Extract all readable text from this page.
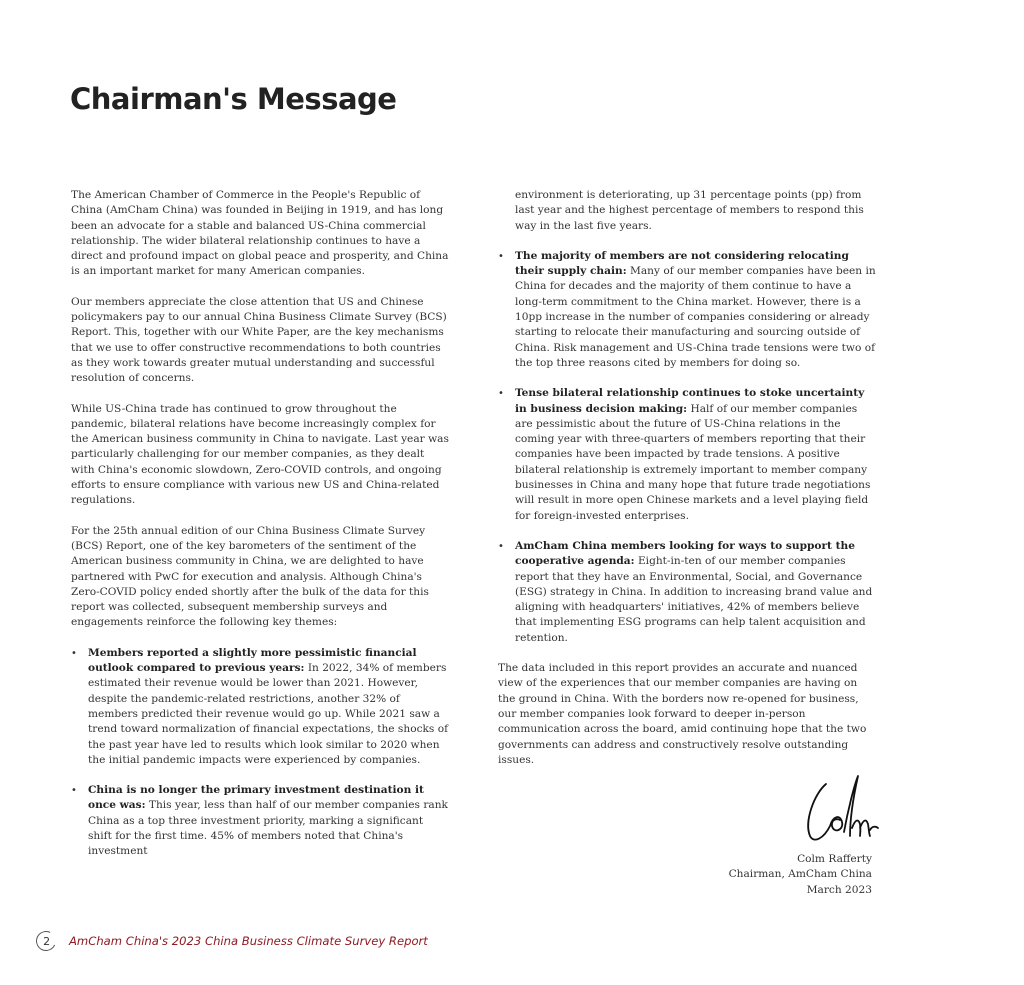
Chairman's Message

The American Chamber of Commerce in the People's Republic of China (AmCham China) was founded in Beijing in 1919, and has long been an advocate for a stable and balanced US-China commercial relationship. The wider bilateral relationship continues to have a direct and profound impact on global peace and prosperity, and China is an important market for many American companies.

Our members appreciate the close attention that US and Chinese policymakers pay to our annual China Business Climate Survey (BCS) Report. This, together with our White Paper, are the key mechanisms that we use to offer constructive recommendations to both countries as they work towards greater mutual understanding and successful resolution of concerns.

While US-China trade has continued to grow throughout the pandemic, bilateral relations have become increasingly complex for the American business community in China to navigate. Last year was particularly challenging for our member companies, as they dealt with China's economic slowdown, Zero-COVID controls, and ongoing efforts to ensure compliance with various new US and China-related regulations.

For the 25th annual edition of our China Business Climate Survey (BCS) Report, one of the key barometers of the sentiment of the American business community in China, we are delighted to have partnered with PwC for execution and analysis. Although China's Zero-COVID policy ended shortly after the bulk of the data for this report was collected, subsequent membership surveys and engagements reinforce the following key themes:

• Members reported a slightly more pessimistic financial outlook compared to previous years: In 2022, 34% of members estimated their revenue would be lower than 2021. However, despite the pandemic-related restrictions, another 32% of members predicted their revenue would go up. While 2021 saw a trend toward normalization of financial expectations, the shocks of the past year have led to results which look similar to 2020 when the initial pandemic impacts were experienced by companies.
• China is no longer the primary investment destination it once was: This year, less than half of our member companies rank China as a top three investment priority, marking a significant shift for the first time. 45% of members noted that China's investment
environment is deteriorating, up 31 percentage points (pp) from last year and the highest percentage of members to respond this way in the last five years.
• The majority of members are not considering relocating their supply chain: Many of our member companies have been in China for decades and the majority of them continue to have a long-term commitment to the China market. However, there is a 10pp increase in the number of companies considering or already starting to relocate their manufacturing and sourcing outside of China. Risk management and US-China trade tensions were two of the top three reasons cited by members for doing so.
• Tense bilateral relationship continues to stoke uncertainty in business decision making: Half of our member companies are pessimistic about the future of US-China relations in the coming year with three-quarters of members reporting that their companies have been impacted by trade tensions. A positive bilateral relationship is extremely important to member company businesses in China and many hope that future trade negotiations will result in more open Chinese markets and a level playing field for foreign-invested enterprises.
• AmCham China members looking for ways to support the cooperative agenda: Eight-in-ten of our member companies report that they have an Environmental, Social, and Governance (ESG) strategy in China. In addition to increasing brand value and aligning with headquarters' initiatives, 42% of members believe that implementing ESG programs can help talent acquisition and retention.

The data included in this report provides an accurate and nuanced view of the experiences that our member companies are having on the ground in China. With the borders now re-opened for business, our member companies look forward to deeper in-person communication across the board, amid continuing hope that the two governments can address and constructively resolve outstanding issues.

Colm Rafferty
Chairman, AmCham China
March 2023
2 AmCham China's 2023 China Business Climate Survey Report
